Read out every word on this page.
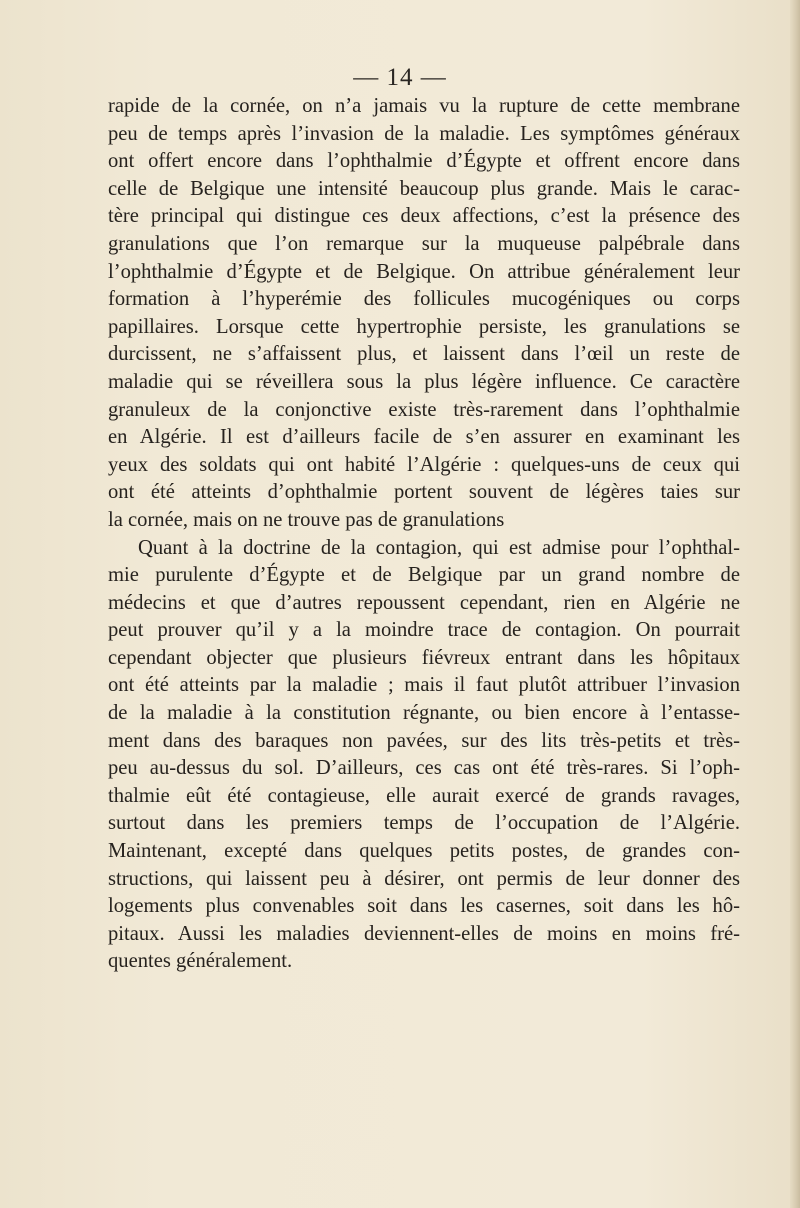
— 14 —
rapide de la cornée, on n’a jamais vu la rupture de cette membrane
peu de temps après l’invasion de la maladie. Les symptômes généraux
ont offert encore dans l’ophthalmie d’Égypte et offrent encore dans
celle de Belgique une intensité beaucoup plus grande. Mais le carac-
tère principal qui distingue ces deux affections, c’est la présence des
granulations que l’on remarque sur la muqueuse palpébrale dans
l’ophthalmie d’Égypte et de Belgique. On attribue généralement leur
formation à l’hyperémie des follicules mucogéniques ou corps
papillaires. Lorsque cette hypertrophie persiste, les granulations se
durcissent, ne s’affaissent plus, et laissent dans l’œil un reste de
maladie qui se réveillera sous la plus légère influence. Ce caractère
granuleux de la conjonctive existe très-rarement dans l’ophthalmie
en Algérie. Il est d’ailleurs facile de s’en assurer en examinant les
yeux des soldats qui ont habité l’Algérie : quelques-uns de ceux qui
ont été atteints d’ophthalmie portent souvent de légères taies sur
la cornée, mais on ne trouve pas de granulations
Quant à la doctrine de la contagion, qui est admise pour l’ophthal-
mie purulente d’Égypte et de Belgique par un grand nombre de
médecins et que d’autres repoussent cependant, rien en Algérie ne
peut prouver qu’il y a la moindre trace de contagion. On pourrait
cependant objecter que plusieurs fiévreux entrant dans les hôpitaux
ont été atteints par la maladie ; mais il faut plutôt attribuer l’invasion
de la maladie à la constitution régnante, ou bien encore à l’entasse-
ment dans des baraques non pavées, sur des lits très-petits et très-
peu au-dessus du sol. D’ailleurs, ces cas ont été très-rares. Si l’oph-
thalmie eût été contagieuse, elle aurait exercé de grands ravages,
surtout dans les premiers temps de l’occupation de l’Algérie.
Maintenant, excepté dans quelques petits postes, de grandes con-
structions, qui laissent peu à désirer, ont permis de leur donner des
logements plus convenables soit dans les casernes, soit dans les hô-
pitaux. Aussi les maladies deviennent-elles de moins en moins fré-
quentes généralement.
